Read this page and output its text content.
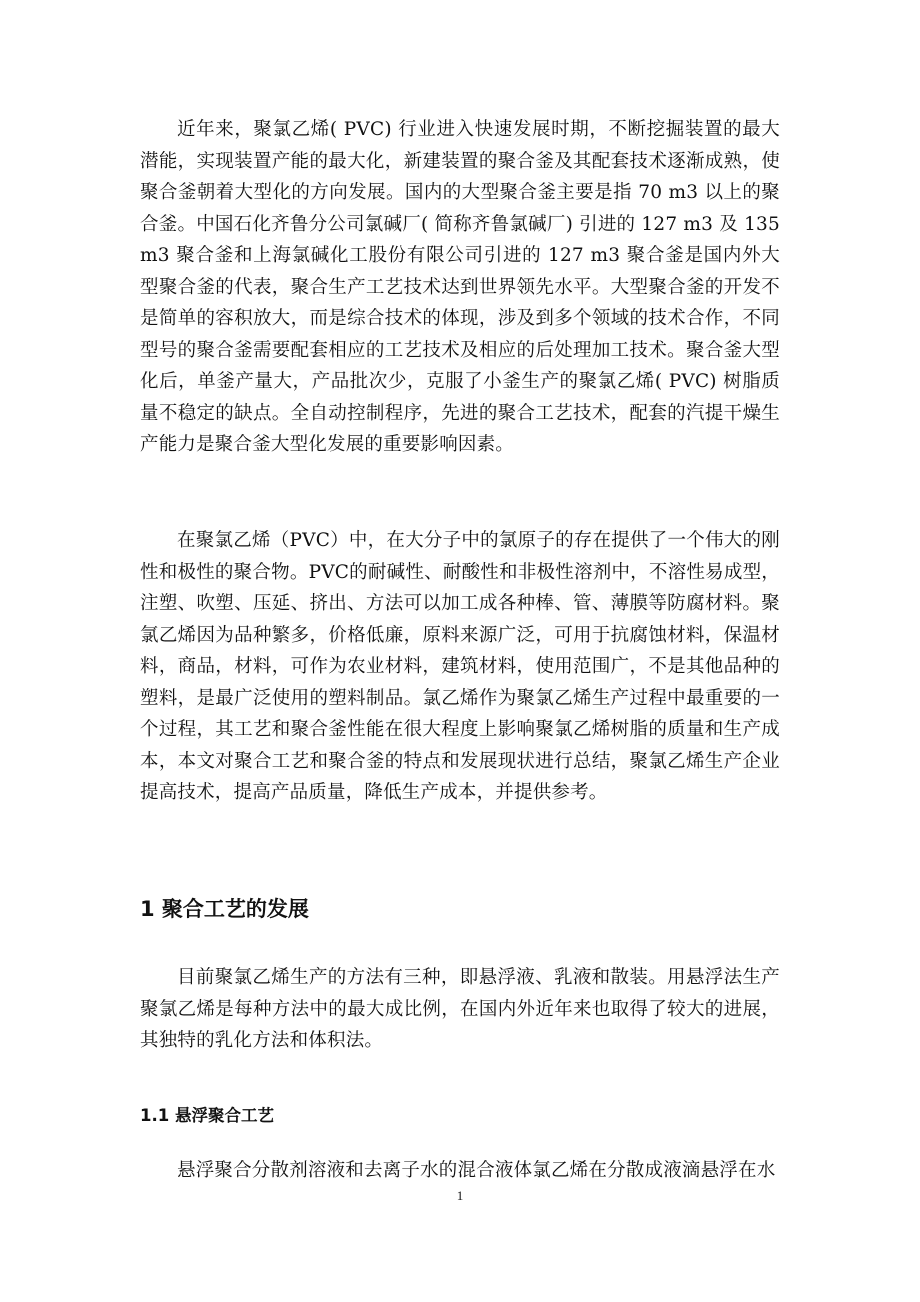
近年来，聚氯乙烯( PVC) 行业进入快速发展时期，不断挖掘装置的最大潜能，实现装置产能的最大化，新建装置的聚合釜及其配套技术逐渐成熟，使聚合釜朝着大型化的方向发展。国内的大型聚合釜主要是指 70 m3 以上的聚合釜。中国石化齐鲁分公司氯碱厂( 简称齐鲁氯碱厂) 引进的 127 m3 及 135 m3 聚合釜和上海氯碱化工股份有限公司引进的 127 m3 聚合釜是国内外大型聚合釜的代表，聚合生产工艺技术达到世界领先水平。大型聚合釜的开发不是简单的容积放大，而是综合技术的体现，涉及到多个领域的技术合作，不同型号的聚合釜需要配套相应的工艺技术及相应的后处理加工技术。聚合釜大型化后，单釜产量大，产品批次少，克服了小釜生产的聚氯乙烯( PVC) 树脂质量不稳定的缺点。全自动控制程序，先进的聚合工艺技术，配套的汽提干燥生产能力是聚合釜大型化发展的重要影响因素。

在聚氯乙烯（PVC）中，在大分子中的氯原子的存在提供了一个伟大的刚性和极性的聚合物。PVC的耐碱性、耐酸性和非极性溶剂中，不溶性易成型，注塑、吹塑、压延、挤出、方法可以加工成各种棒、管、薄膜等防腐材料。聚氯乙烯因为品种繁多，价格低廉，原料来源广泛，可用于抗腐蚀材料，保温材料，商品，材料，可作为农业材料，建筑材料，使用范围广，不是其他品种的塑料，是最广泛使用的塑料制品。氯乙烯作为聚氯乙烯生产过程中最重要的一个过程，其工艺和聚合釜性能在很大程度上影响聚氯乙烯树脂的质量和生产成本，本文对聚合工艺和聚合釜的特点和发展现状进行总结，聚氯乙烯生产企业提高技术，提高产品质量，降低生产成本，并提供参考。

1 聚合工艺的发展

目前聚氯乙烯生产的方法有三种，即悬浮液、乳液和散装。用悬浮法生产聚氯乙烯是每种方法中的最大成比例，在国内外近年来也取得了较大的进展，其独特的乳化方法和体积法。

1.1 悬浮聚合工艺

悬浮聚合分散剂溶液和去离子水的混合液体氯乙烯在分散成液滴悬浮在水

1
